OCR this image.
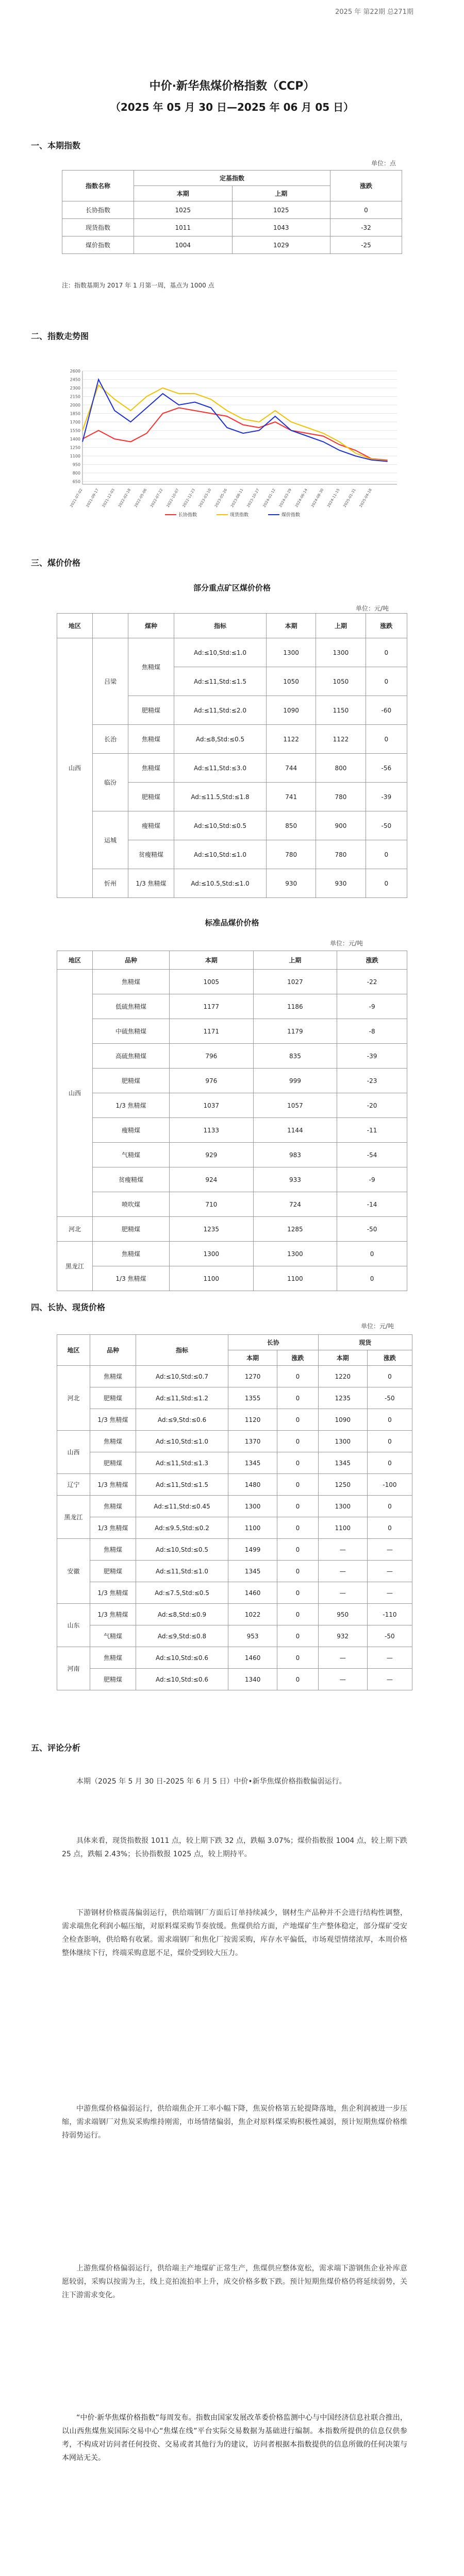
2025 年 第22期 总271期
中价·新华焦煤价格指数（CCP）
（2025 年 05 月 30 日—2025 年 06 月 05 日）
一、本期指数
单位：点
指数名称	定基指数		涨跌
	本期	上期	
长协指数	1025	1025	0
现货指数	1011	1043	-32
煤价指数	1004	1029	-25
注：指数基期为 2017 年 1 月第一周，基点为 1000 点
二、指数走势图
2600
2450
2300
2150
2000
1850
1700
1550
1400
1250
1100
950
800
650
2021-07-02 2021-09-17 2021-12-03 2022-02-18 2022-05-06 2022-07-22 2022-10-07 2022-12-23 2023-03-10 2023-05-26 2023-08-11 2023-10-27 2024-01-12 2024-03-29 2024-06-14 2024-08-30 2024-11-15 2025-01-31 2025-04-18
长协指数	现货指数	煤价指数
三、煤价价格
部分重点矿区煤价价格
单位：元/吨
地区		煤种	指标	本期	上期	涨跌
山西	吕梁	焦精煤	Ad:≤10,Std:≤1.0	1300	1300	0
			Ad:≤11,Std:≤1.5	1050	1050	0
		肥精煤	Ad:≤11,Std:≤2.0	1090	1150	-60
	长治	焦精煤	Ad:≤8,Std:≤0.5	1122	1122	0
	临汾	焦精煤	Ad:≤11,Std:≤3.0	744	800	-56
		肥精煤	Ad:≤11.5,Std:≤1.8	741	780	-39
	运城	瘦精煤	Ad:≤10,Std:≤0.5	850	900	-50
		贫瘦精煤	Ad:≤10,Std:≤1.0	780	780	0
	忻州	1/3 焦精煤	Ad:≤10.5,Std:≤1.0	930	930	0
标准品煤价价格
单位：元/吨
地区	品种	本期	上期	涨跌
山西	焦精煤	1005	1027	-22
	低硫焦精煤	1177	1186	-9
	中硫焦精煤	1171	1179	-8
	高硫焦精煤	796	835	-39
	肥精煤	976	999	-23
	1/3 焦精煤	1037	1057	-20
	瘦精煤	1133	1144	-11
	气精煤	929	983	-54
	贫瘦精煤	924	933	-9
	喷吹煤	710	724	-14
河北	肥精煤	1235	1285	-50
黑龙江	焦精煤	1300	1300	0
	1/3 焦精煤	1100	1100	0
四、长协、现货价格
单位：元/吨
地区	品种	指标	长协		现货	
			本期	涨跌	本期	涨跌
河北	焦精煤	Ad:≤10,Std:≤0.7	1270	0	1220	0
	肥精煤	Ad:≤11,Std:≤1.2	1355	0	1235	-50
	1/3 焦精煤	Ad:≤9,Std:≤0.6	1120	0	1090	0
山西	焦精煤	Ad:≤10,Std:≤1.0	1370	0	1300	0
	肥精煤	Ad:≤11,Std:≤1.3	1345	0	1345	0
辽宁	1/3 焦精煤	Ad:≤11,Std:≤1.5	1480	0	1250	-100
黑龙江	焦精煤	Ad:≤11,Std:≤0.45	1300	0	1300	0
	1/3 焦精煤	Ad:≤9.5,Std:≤0.2	1100	0	1100	0
安徽	焦精煤	Ad:≤10,Std:≤0.5	1499	0	—	—
	肥精煤	Ad:≤11,Std:≤1.0	1345	0	—	—
	1/3 焦精煤	Ad:≤7.5,Std:≤0.5	1460	0	—	—
山东	1/3 焦精煤	Ad:≤8,Std:≤0.9	1022	0	950	-110
	气精煤	Ad:≤9,Std:≤0.8	953	0	932	-50
河南	焦精煤	Ad:≤10,Std:≤0.6	1460	0	—	—
	肥精煤	Ad:≤10,Std:≤0.6	1340	0	—	—
五、评论分析
本期（2025 年 5 月 30 日-2025 年 6 月 5 日）中价•新华焦煤价格指数偏弱运行。
具体来看，现货指数报 1011 点，较上期下跌 32 点，跌幅 3.07%；煤价指数报 1004 点，较上期下跌 25 点，跌幅 2.43%；长协指数报 1025 点，较上期持平。
下游钢材价格震荡偏弱运行，供给端钢厂方面后订单持续减少，钢材生产品种并不会进行结构性调整，需求端焦化利润小幅压缩，对原料煤采购节奏放缓。焦煤供给方面，产地煤矿生产整体稳定，部分煤矿受安全检查影响，供给略有收紧。需求端钢厂和焦化厂按需采购，库存水平偏低，市场观望情绪浓厚，本周价格整体继续下行，终端采购意愿不足，煤价受到较大压力。
中游焦煤价格偏弱运行，供给端焦企开工率小幅下降，焦炭价格第五轮提降落地，焦企利润被进一步压缩，需求端钢厂对焦炭采购维持刚需，市场情绪偏弱，焦企对原料煤采购积极性减弱，预计短期焦煤价格维持弱势运行。
上游焦煤价格偏弱运行，供给端主产地煤矿正常生产，焦煤供应整体宽松，需求端下游钢焦企业补库意愿较弱，采购以按需为主，线上竞拍流拍率上升，成交价格多数下跌。预计短期焦煤价格仍将延续弱势，关注下游需求变化。
“中价·新华焦煤价格指数”每周发布。指数由国家发展改革委价格监测中心与中国经济信息社联合推出，以山西焦煤焦炭国际交易中心“焦煤在线”平台实际交易数据为基础进行编制。本指数所提供的信息仅供参考，不构成对访问者任何投资、交易或者其他行为的建议，访问者根据本指数提供的信息所做的任何决策与本网站无关。
